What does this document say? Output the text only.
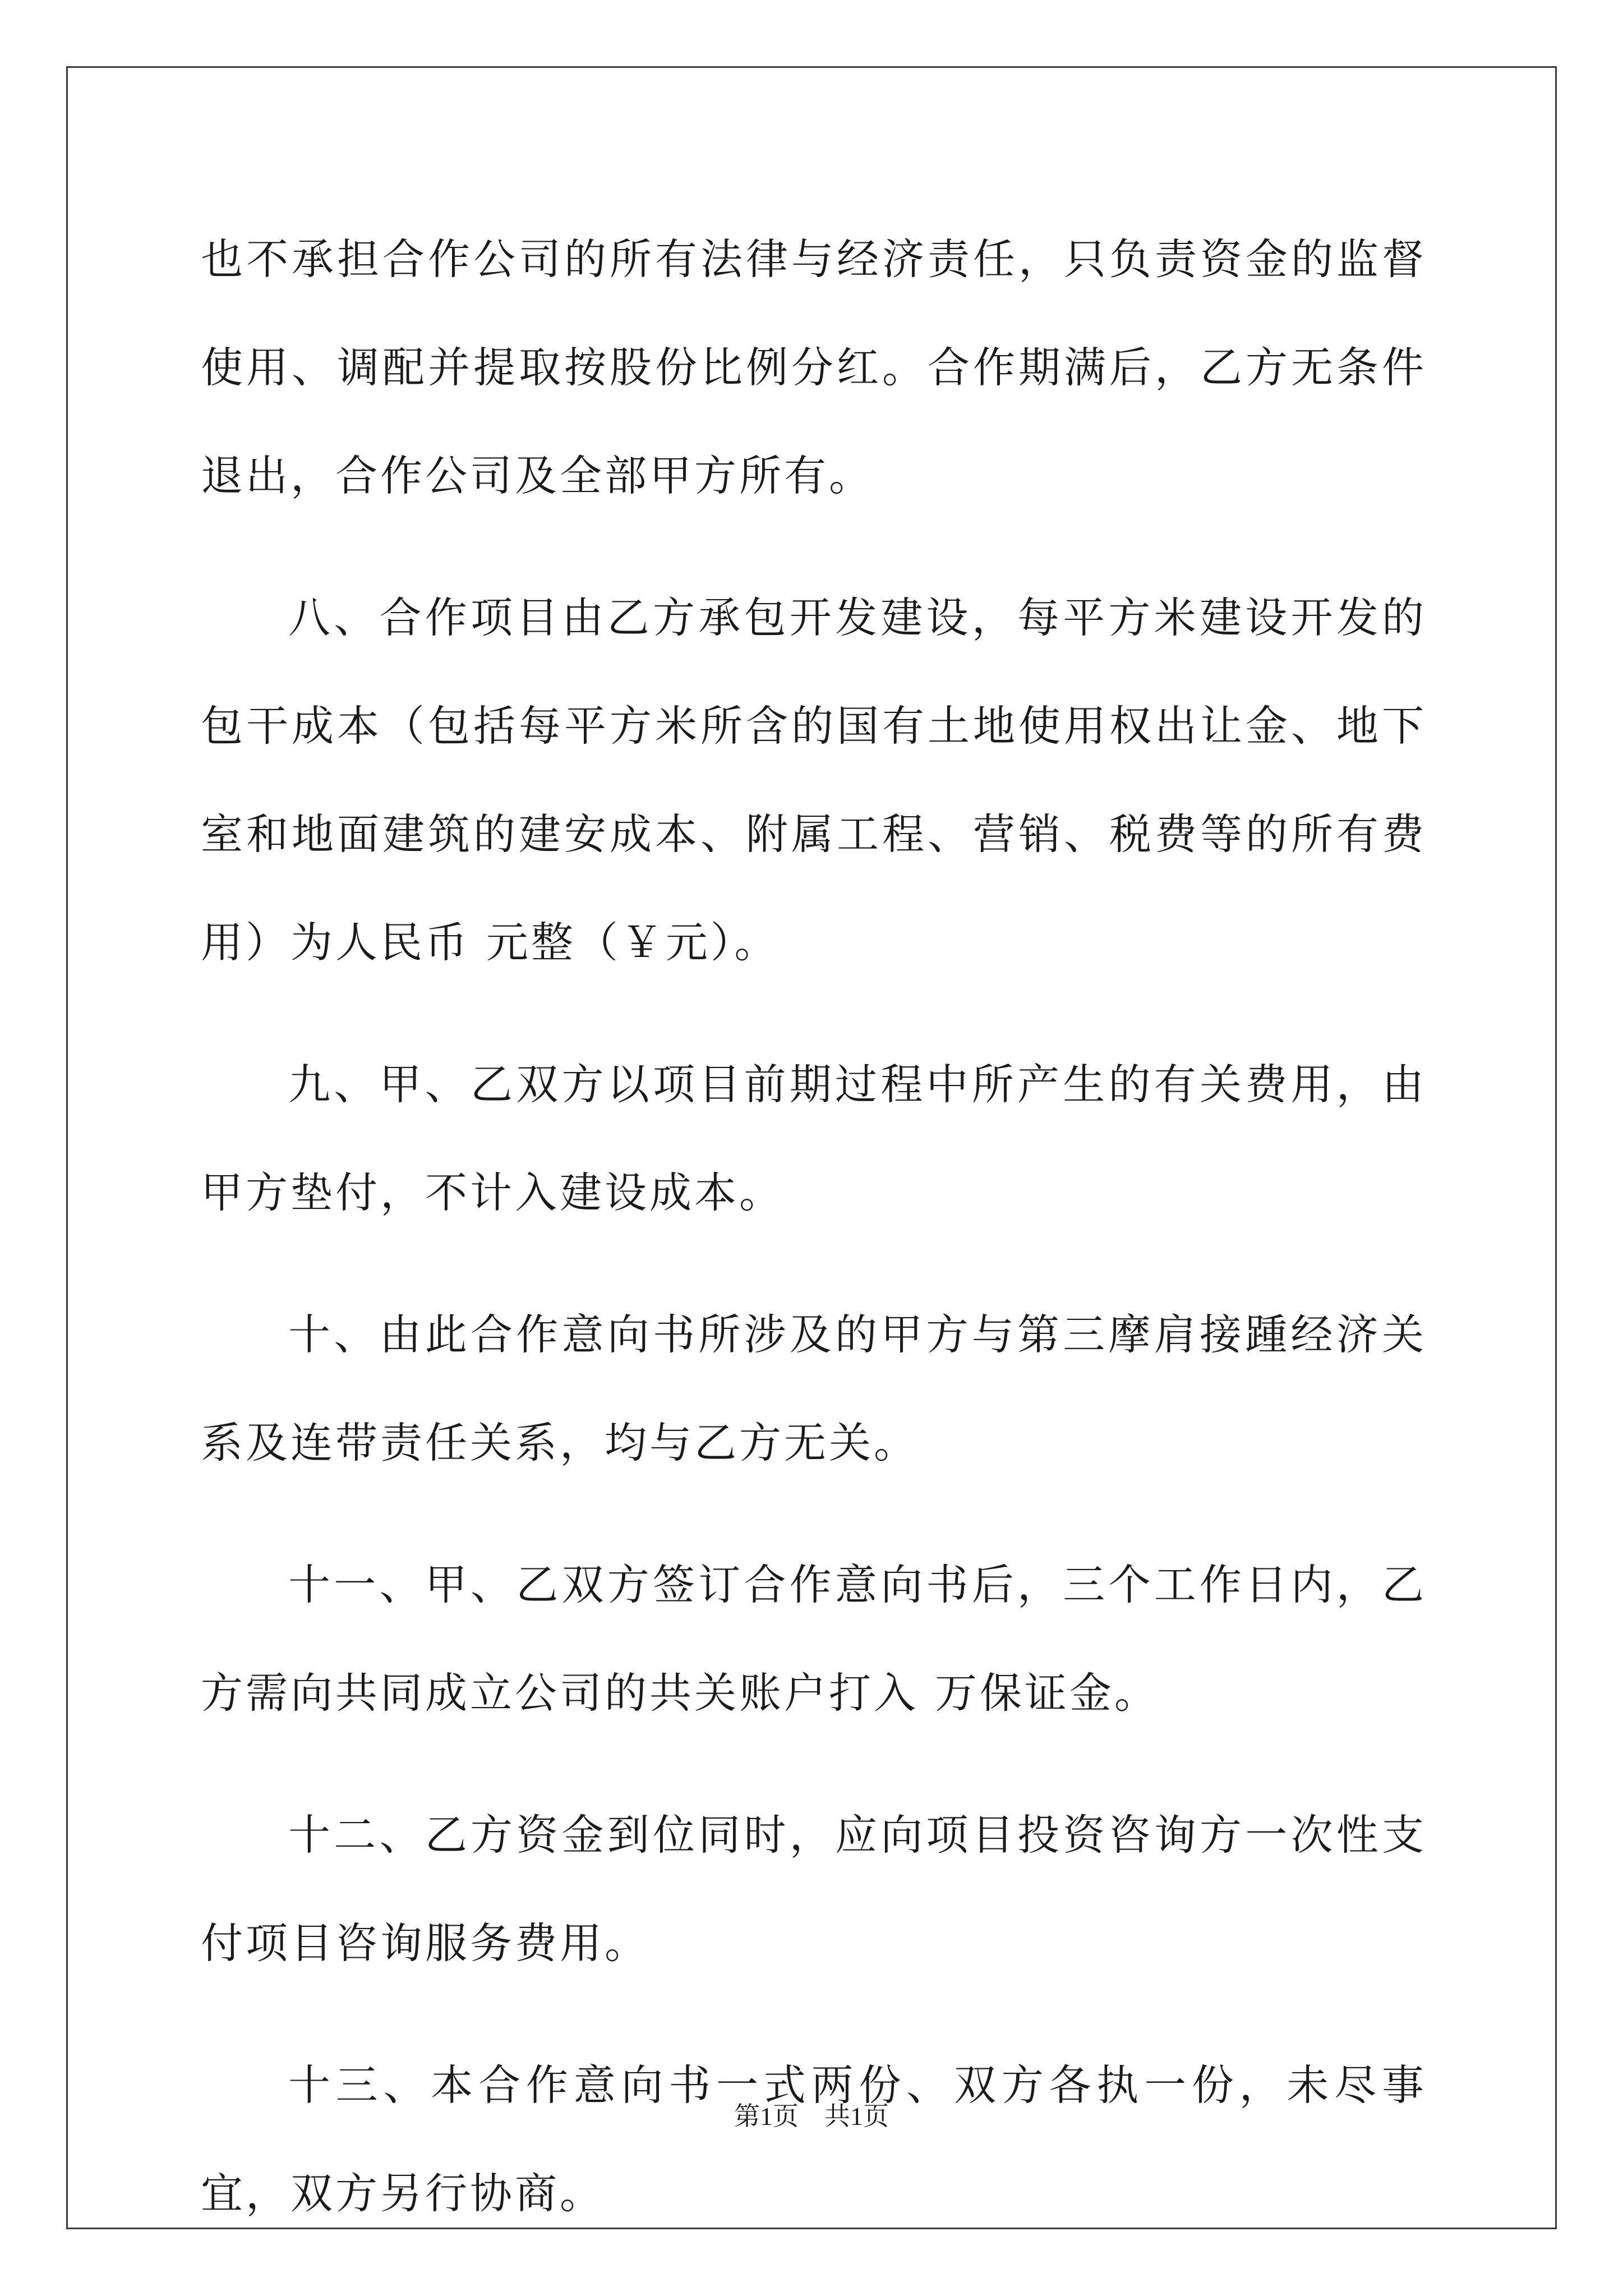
也不承担合作公司的所有法律与经济责任，只负责资金的监督使用、调配并提取按股份比例分红。合作期满后，乙方无条件退出，合作公司及全部甲方所有。

八、合作项目由乙方承包开发建设，每平方米建设开发的包干成本（包括每平方米所含的国有土地使用权出让金、地下室和地面建筑的建安成本、附属工程、营销、税费等的所有费用）为人民币 元整（￥元）。

九、甲、乙双方以项目前期过程中所产生的有关费用，由甲方垫付，不计入建设成本。

十、由此合作意向书所涉及的甲方与第三摩肩接踵经济关系及连带责任关系，均与乙方无关。

十一、甲、乙双方签订合作意向书后，三个工作日内，乙方需向共同成立公司的共关账户打入 万保证金。

十二、乙方资金到位同时，应向项目投资咨询方一次性支付项目咨询服务费用。

十三、本合作意向书一式两份、双方各执一份，未尽事宜，双方另行协商。

第1页 共1页
